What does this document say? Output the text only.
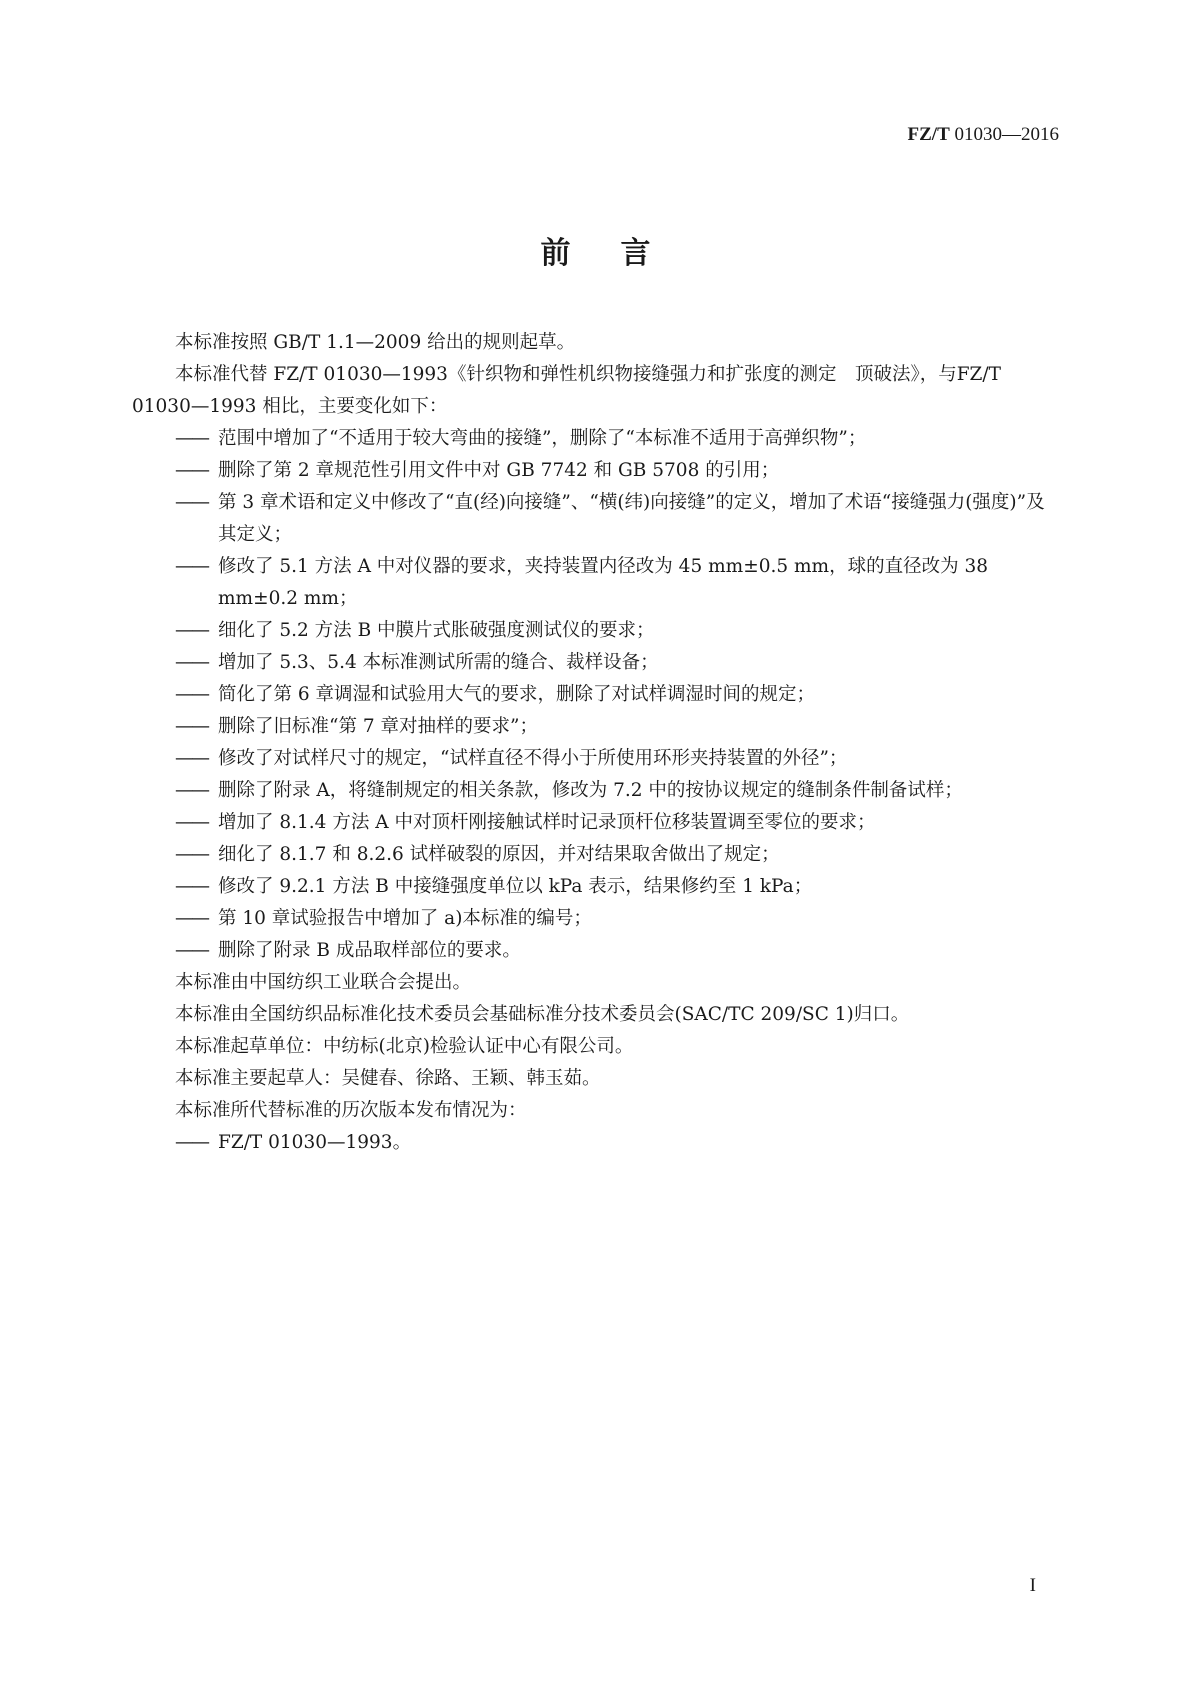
FZ/T 01030—2016
前言

本标准按照 GB/T 1.1—2009 给出的规则起草。

本标准代替 FZ/T 01030—1993《针织物和弹性机织物接缝强力和扩张度的测定　顶破法》，与FZ/T 01030—1993 相比，主要变化如下：

—— 范围中增加了“不适用于较大弯曲的接缝”，删除了“本标准不适用于高弹织物”；

—— 删除了第 2 章规范性引用文件中对 GB 7742 和 GB 5708 的引用；

—— 第 3 章术语和定义中修改了“直(经)向接缝”、“横(纬)向接缝”的定义，增加了术语“接缝强力(强度)”及其定义；

—— 修改了 5.1 方法 A 中对仪器的要求，夹持装置内径改为 45 mm±0.5 mm，球的直径改为 38 mm±0.2 mm；

—— 细化了 5.2 方法 B 中膜片式胀破强度测试仪的要求；

—— 增加了 5.3、5.4 本标准测试所需的缝合、裁样设备；

—— 简化了第 6 章调湿和试验用大气的要求，删除了对试样调湿时间的规定；

—— 删除了旧标准“第 7 章对抽样的要求”；

—— 修改了对试样尺寸的规定，“试样直径不得小于所使用环形夹持装置的外径”；

—— 删除了附录 A，将缝制规定的相关条款，修改为 7.2 中的按协议规定的缝制条件制备试样；

—— 增加了 8.1.4 方法 A 中对顶杆刚接触试样时记录顶杆位移装置调至零位的要求；

—— 细化了 8.1.7 和 8.2.6 试样破裂的原因，并对结果取舍做出了规定；

—— 修改了 9.2.1 方法 B 中接缝强度单位以 kPa 表示，结果修约至 1 kPa；

—— 第 10 章试验报告中增加了 a)本标准的编号；

—— 删除了附录 B 成品取样部位的要求。

本标准由中国纺织工业联合会提出。

本标准由全国纺织品标准化技术委员会基础标准分技术委员会(SAC/TC 209/SC 1)归口。

本标准起草单位：中纺标(北京)检验认证中心有限公司。

本标准主要起草人：吴健春、徐路、王颖、韩玉茹。

本标准所代替标准的历次版本发布情况为：

—— FZ/T 01030—1993。

I
